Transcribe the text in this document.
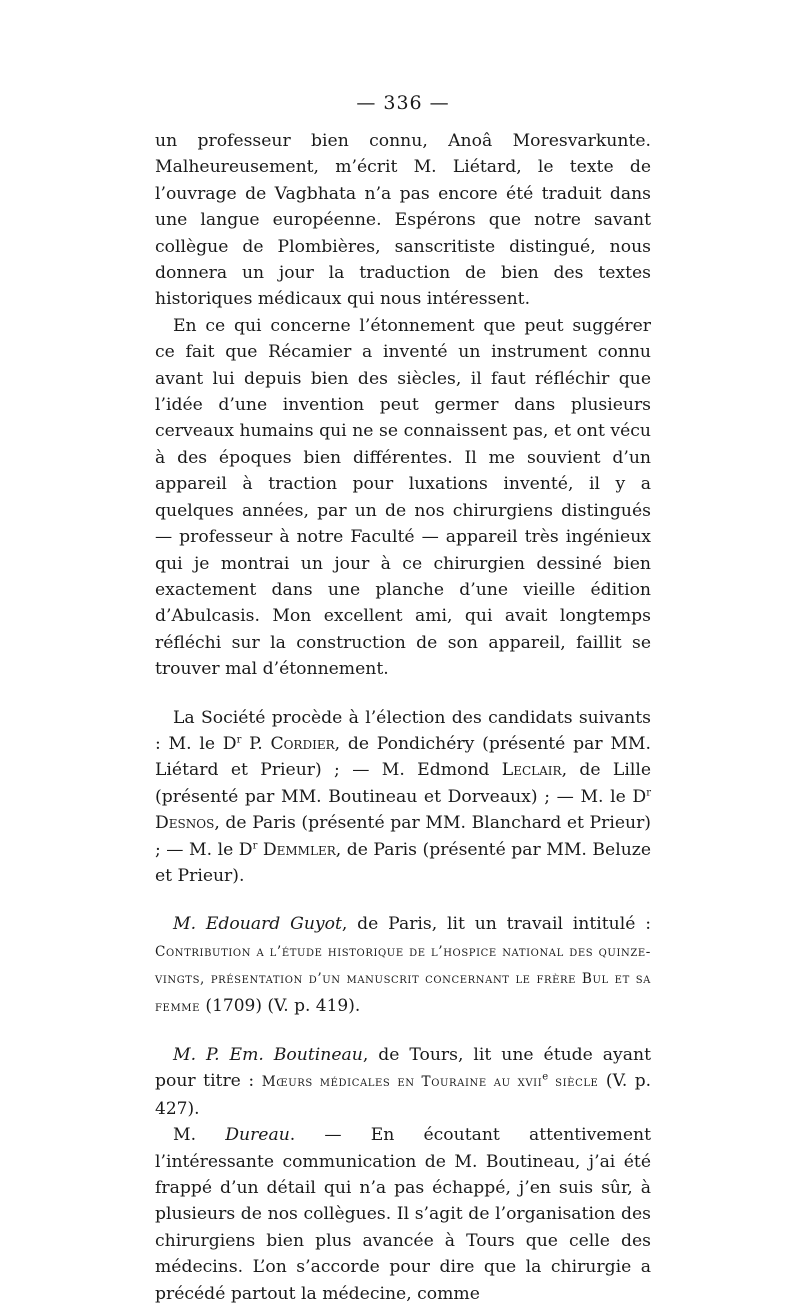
— 336 —

un professeur bien connu, Anoâ Moresvarkunte. Malheureusement, m’écrit M. Liétard, le texte de l’ouvrage de Vagbhata n’a pas encore été traduit dans une langue européenne. Espérons que notre savant collègue de Plombières, sanscritiste distingué, nous donnera un jour la traduction de bien des textes historiques médicaux qui nous intéressent.

En ce qui concerne l’étonnement que peut suggérer ce fait que Récamier a inventé un instrument connu avant lui depuis bien des siècles, il faut réfléchir que l’idée d’une invention peut germer dans plusieurs cerveaux humains qui ne se connaissent pas, et ont vécu à des époques bien différentes. Il me souvient d’un appareil à traction pour luxations inventé, il y a quelques années, par un de nos chirurgiens distingués — professeur à notre Faculté — appareil très ingénieux qui je montrai un jour à ce chirurgien dessiné bien exactement dans une planche d’une vieille édition d’Abulcasis. Mon excellent ami, qui avait longtemps réfléchi sur la construction de son appareil, faillit se trouver mal d’étonnement.

La Société procède à l’élection des candidats suivants : M. le $D^r$ P. Cordier, de Pondichéry (présenté par MM. Liétard et Prieur) ; — M. Edmond Leclair, de Lille (présenté par MM. Boutineau et Dorveaux) ; — M. le $D^r$ Desnos, de Paris (présenté par MM. Blanchard et Prieur) ; — M. le $D^r$ Demmler, de Paris (présenté par MM. Beluze et Prieur).

M. Edouard Guyot, de Paris, lit un travail intitulé : Contribution a l’étude historique de l’hospice national des quinze-vingts, présentation d’un manuscrit concernant le frère Bul et sa femme (1709) (V. p. 419).

M. P. Em. Boutineau, de Tours, lit une étude ayant pour titre : Mœurs médicales en Touraine au xvii$^e$ siècle (V. p. 427).

M. Dureau. — En écoutant attentivement l’intéressante communication de M. Boutineau, j’ai été frappé d’un détail qui n’a pas échappé, j’en suis sûr, à plusieurs de nos collègues. Il s’agit de l’organisation des chirurgiens bien plus avancée à Tours que celle des médecins. L’on s’accorde pour dire que la chirurgie a précédé partout la médecine, comme
